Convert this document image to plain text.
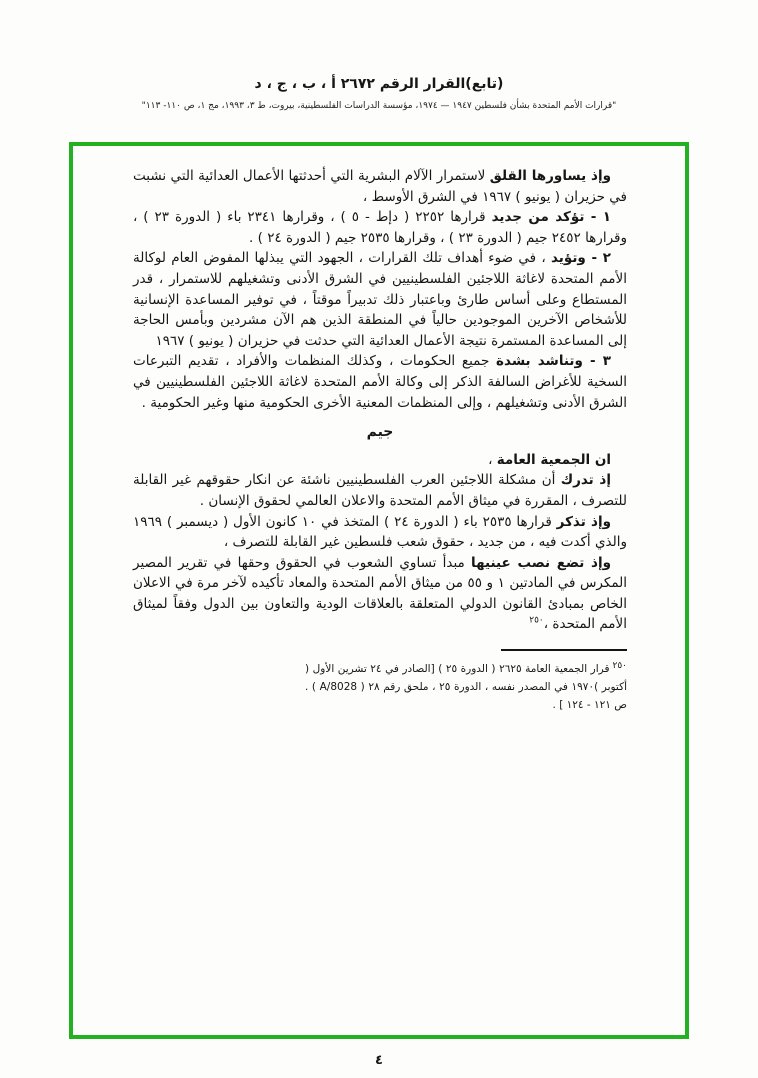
(تابع)القرار الرقم ٢٦٧٢ أ ، ب ، ج ، د
"قرارات الأمم المتحدة بشأن فلسطين ١٩٤٧ — ١٩٧٤، مؤسسة الدراسات الفلسطينية، بيروت، ط ٣، ١٩٩٣، مج ١، ص ١١٠- ١١٣"

وإذ يساورها القلق لاستمرار الآلام البشرية التي أحدثتها الأعمال العدائية التي نشبت في حزيران ( يونيو ) ١٩٦٧ في الشرق الأوسط ،

١ - تؤكد من جديد قرارها ٢٢٥٢ ( دإط - ٥ ) ، وقرارها ٢٣٤١ باء ( الدورة ٢٣ ) ، وقرارها ٢٤٥٢ جيم ( الدورة ٢٣ ) ، وقرارها ٢٥٣٥ جيم ( الدورة ٢٤ ) .

٢ - وتؤيد ، في ضوء أهداف تلك القرارات ، الجهود التي يبذلها المفوض العام لوكالة الأمم المتحدة لاغاثة اللاجئين الفلسطينيين في الشرق الأدنى وتشغيلهم للاستمرار ، قدر المستطاع وعلى أساس طارئ وباعتبار ذلك تدبيراً موقتاً ، في توفير المساعدة الإنسانية للأشخاص الآخرين الموجودين حالياً في المنطقة الذين هم الآن مشردين وبأمس الحاجة إلى المساعدة المستمرة نتيجة الأعمال العدائية التي حدثت في حزيران ( يونيو ) ١٩٦٧

٣ - وتناشد بشدة جميع الحكومات ، وكذلك المنظمات والأفراد ، تقديم التبرعات السخية للأغراض السالفة الذكر إلى وكالة الأمم المتحدة لاغاثة اللاجئين الفلسطينيين في الشرق الأدنى وتشغيلهم ، وإلى المنظمات المعنية الأخرى الحكومية منها وغير الحكومية .

جيم

ان الجمعية العامة ،

إذ تدرك أن مشكلة اللاجئين العرب الفلسطينيين ناشئة عن انكار حقوقهم غير القابلة للتصرف ، المقررة في ميثاق الأمم المتحدة والاعلان العالمي لحقوق الإنسان .

وإذ تذكر قرارها ٢٥٣٥ باء ( الدورة ٢٤ ) المتخذ في ١٠ كانون الأول ( ديسمبر ) ١٩٦٩ والذي أكدت فيه ، من جديد ، حقوق شعب فلسطين غير القابلة للتصرف ،

وإذ تضع نصب عينيها مبدأ تساوي الشعوب في الحقوق وحقها في تقرير المصير المكرس في المادتين ١ و ٥٥ من ميثاق الأمم المتحدة والمعاد تأكيده لآخر مرة في الاعلان الخاص بمبادئ القانون الدولي المتعلقة بالعلاقات الودية والتعاون بين الدول وفقاً لميثاق الأمم المتحدة ،$^{٢٥٠}$

$^{٢٥٠}$قرار الجمعية العامة ٢٦٢٥ ( الدورة ٢٥ ) [الصادر في ٢٤ تشرين الأول ( أكتوبر )١٩٧٠ في المصدر نفسه ، الدورة ٢٥ ، ملحق رقم ٢٨ ( A/8028 ) . ص ١٢١ - ١٢٤ ] .

٤
